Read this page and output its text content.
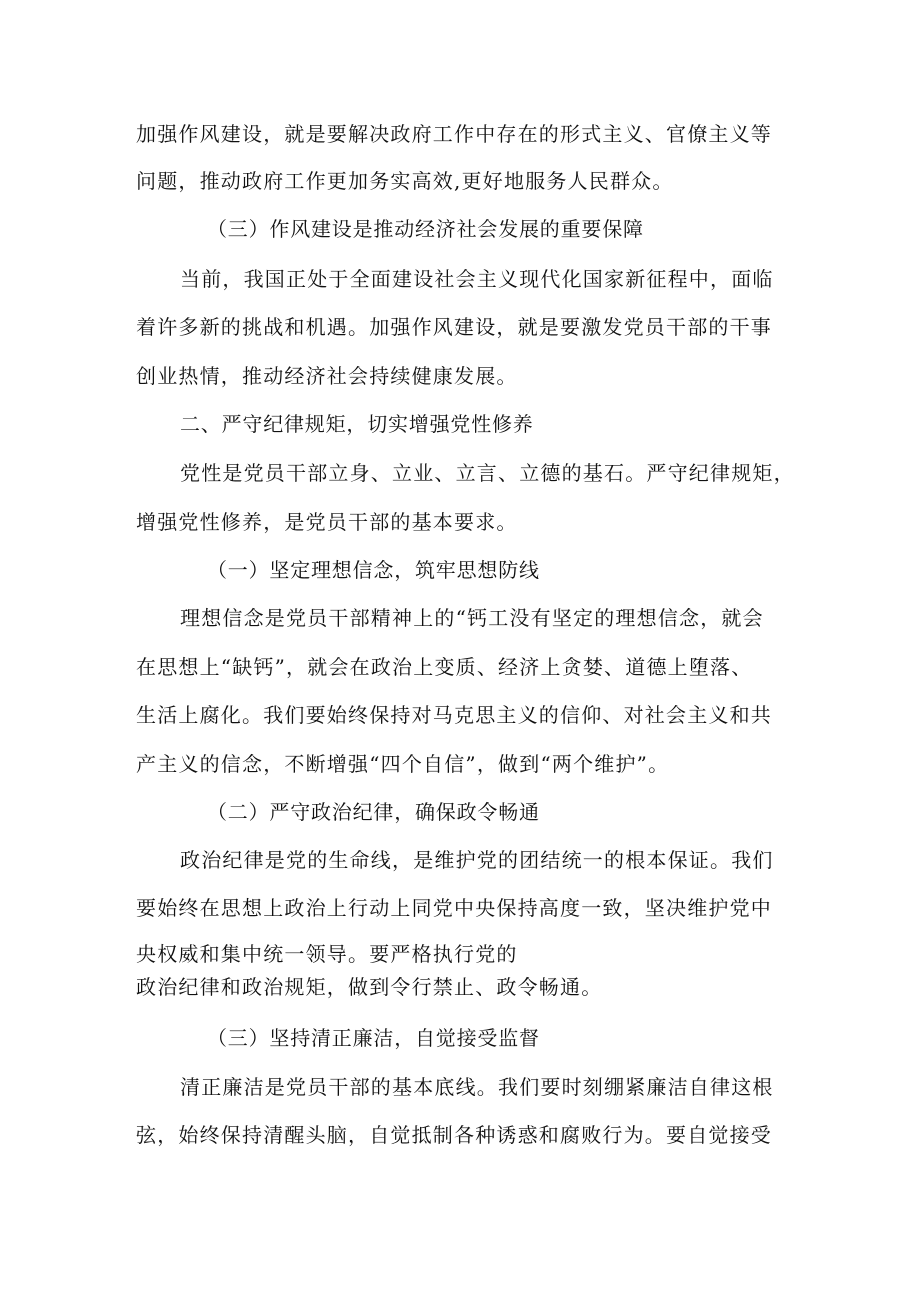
加强作风建设，就是要解决政府工作中存在的形式主义、官僚主义等
问题，推动政府工作更加务实高效,更好地服务人民群众。
（三）作风建设是推动经济社会发展的重要保障
当前，我国正处于全面建设社会主义现代化国家新征程中，面临
着许多新的挑战和机遇。加强作风建设，就是要激发党员干部的干事
创业热情，推动经济社会持续健康发展。
二、严守纪律规矩，切实增强党性修养
党性是党员干部立身、立业、立言、立德的基石。严守纪律规矩，
增强党性修养，是党员干部的基本要求。
（一）坚定理想信念，筑牢思想防线
理想信念是党员干部精神上的“钙工没有坚定的理想信念，就会
在思想上“缺钙”，就会在政治上变质、经济上贪婪、道德上堕落、
生活上腐化。我们要始终保持对马克思主义的信仰、对社会主义和共
产主义的信念，不断增强“四个自信”，做到“两个维护”。
（二）严守政治纪律，确保政令畅通
政治纪律是党的生命线，是维护党的团结统一的根本保证。我们
要始终在思想上政治上行动上同党中央保持高度一致，坚决维护党中
央权威和集中统一领导。要严格执行党的
政治纪律和政治规矩，做到令行禁止、政令畅通。
（三）坚持清正廉洁，自觉接受监督
清正廉洁是党员干部的基本底线。我们要时刻绷紧廉洁自律这根
弦，始终保持清醒头脑，自觉抵制各种诱惑和腐败行为。要自觉接受
